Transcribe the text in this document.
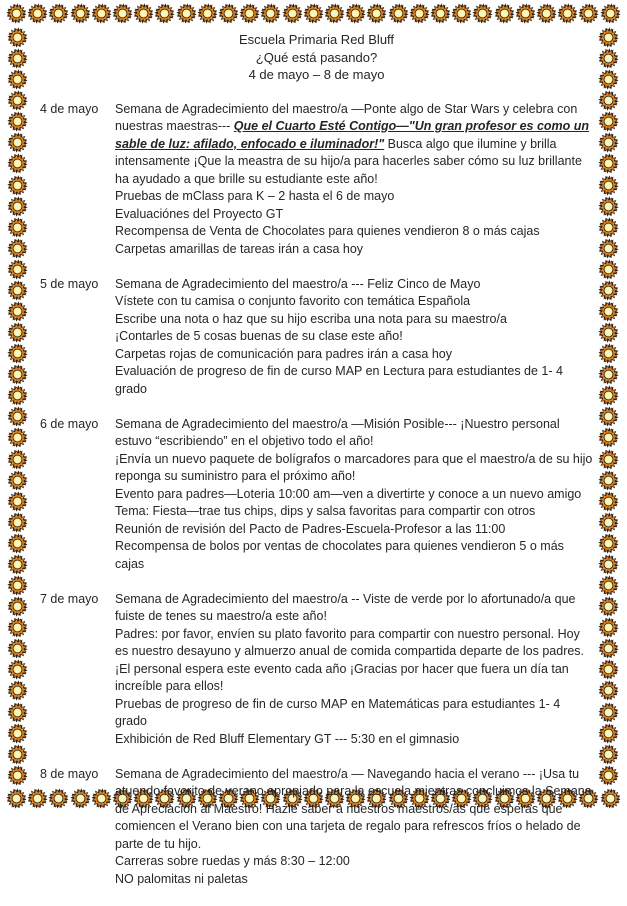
Escuela Primaria Red Bluff
¿Qué está pasando?
4 de mayo – 8 de mayo
4 de mayo	Semana de Agradecimiento del maestro/a —Ponte algo de Star Wars y celebra con nuestras maestras--- Que el Cuarto Esté Contigo—"Un gran profesor es como un sable de luz: afilado, enfocado e iluminador!" Busca algo que ilumine y brilla intensamente ¡Que la meastra de su hijo/a para hacerles saber cómo su luz brillante ha ayudado a que brille su estudiante este año!

Pruebas de mClass para K – 2 hasta el 6 de mayo

Evaluaciónes del Proyecto GT

Recompensa de Venta de Chocolates para quienes vendieron 8 o más cajas

Carpetas amarillas de tareas irán a casa hoy

5 de mayo	Semana de Agradecimiento del maestro/a --- Feliz Cinco de Mayo

Vístete con tu camisa o conjunto favorito con temática Española

Escribe una nota o haz que su hijo escriba una nota para su maestro/a

¡Contarles de 5 cosas buenas de su clase este año!

Carpetas rojas de comunicación para padres irán a casa hoy

Evaluación de progreso de fin de curso MAP en Lectura para estudiantes de 1- 4 grado

6 de mayo	Semana de Agradecimiento del maestro/a —Misión Posible--- ¡Nuestro personal estuvo “escribiendo” en el objetivo todo el año!

¡Envía un nuevo paquete de bolígrafos o marcadores para que el maestro/a de su hijo reponga su suministro para el próximo año!

Evento para padres—Loteria 10:00 am—ven a divertirte y conoce a un nuevo amigo

Tema: Fiesta—trae tus chips, dips y salsa favoritas para compartir con otros

Reunión de revisión del Pacto de Padres-Escuela-Profesor a las 11:00

Recompensa de bolos por ventas de chocolates para quienes vendieron 5 o más cajas

7 de mayo	Semana de Agradecimiento del maestro/a -- Viste de verde por lo afortunado/a que fuiste de tenes su maestro/a este año!

Padres: por favor, envíen su plato favorito para compartir con nuestro personal. Hoy es nuestro desayuno y almuerzo anual de comida compartida departe de los padres. ¡El personal espera este evento cada año ¡Gracias por hacer que fuera un día tan increíble para ellos!

Pruebas de progreso de fin de curso MAP en Matemáticas para estudiantes 1- 4 grado

Exhibición de Red Bluff Elementary GT --- 5:30 en el gimnasio

8 de mayo	Semana de Agradecimiento del maestro/a — Navegando hacia el verano --- ¡Usa tu atuendo favorito de verano apropiado para la escuela mientras concluimos la Semana de Apreciación al Maestro! Hazle saber a nuestros maestros/as que esperas que comiencen el Verano bien con una tarjeta de regalo para refrescos fríos o helado de parte de tu hijo.

Carreras sobre ruedas y más 8:30 – 12:00

NO palomitas ni paletas
